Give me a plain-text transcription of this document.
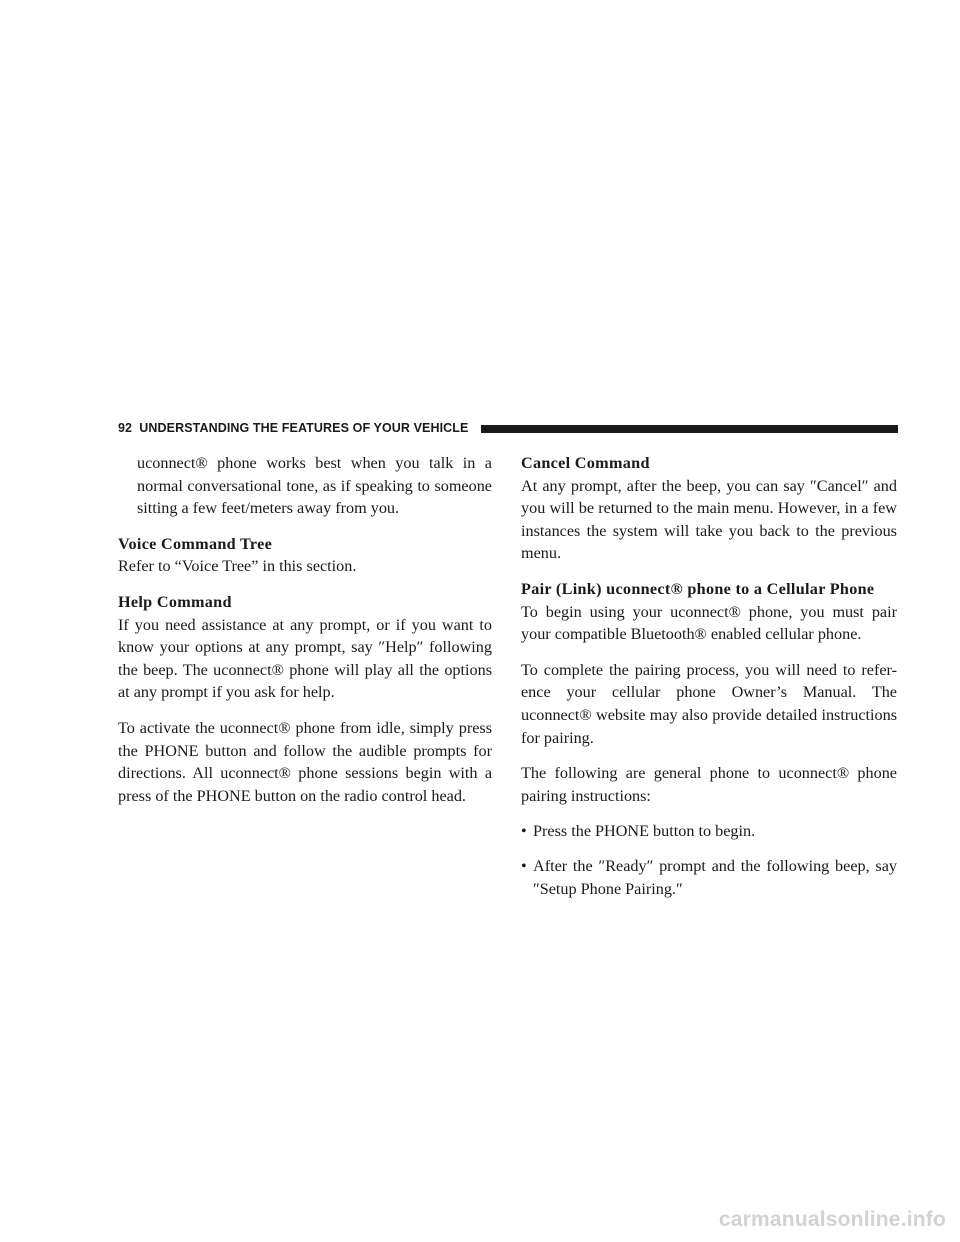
92 UNDERSTANDING THE FEATURES OF YOUR VEHICLE

uconnect® phone works best when you talk in a normal conversational tone, as if speaking to someone sitting a few feet/meters away from you.

Voice Command Tree

Refer to “Voice Tree” in this section.

Help Command

If you need assistance at any prompt, or if you want to know your options at any prompt, say ″Help″ following the beep. The uconnect® phone will play all the options at any prompt if you ask for help.

To activate the uconnect® phone from idle, simply press the PHONE button and follow the audible prompts for directions. All uconnect® phone sessions begin with a press of the PHONE button on the radio control head.

Cancel Command

At any prompt, after the beep, you can say ″Cancel″ and you will be returned to the main menu. However, in a few instances the system will take you back to the previous menu.

Pair (Link) uconnect® phone to a Cellular Phone

To begin using your uconnect® phone, you must pair your compatible Bluetooth® enabled cellular phone.

To complete the pairing process, you will need to refer- ence your cellular phone Owner’s Manual. The uconnect® website may also provide detailed instructions for pairing.

The following are general phone to uconnect® phone pairing instructions:

• Press the PHONE button to begin.
• After the ″Ready″ prompt and the following beep, say ″Setup Phone Pairing.″
carmanualsonline.info
